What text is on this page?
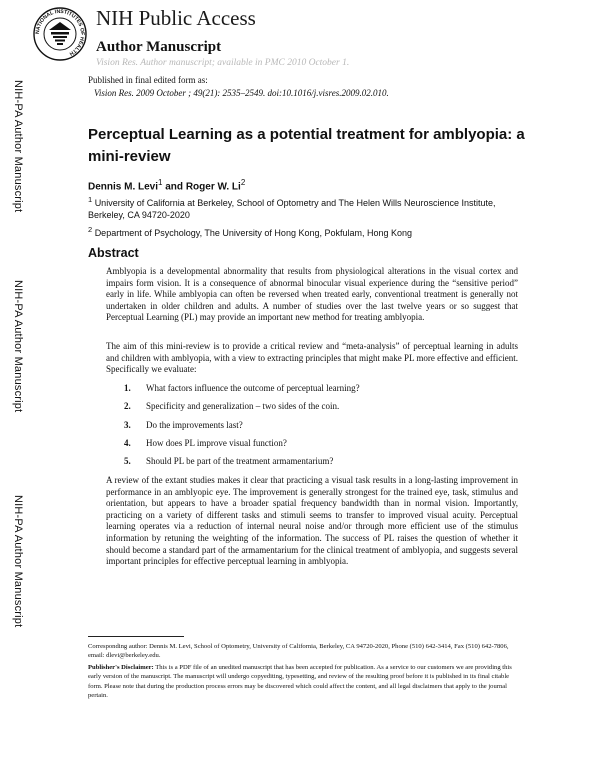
NATIONAL INSTITUTES OF HEALTH
NIH Public Access
Author Manuscript
Vision Res. Author manuscript; available in PMC 2010 October 1.
Published in final edited form as:
Vision Res. 2009 October ; 49(21): 2535–2549. doi:10.1016/j.visres.2009.02.010.
NIH-PA Author Manuscript
NIH-PA Author Manuscript
NIH-PA Author Manuscript
Perceptual Learning as a potential treatment for amblyopia: a mini-review
Dennis M. Levi$^1$ and Roger W. Li$^2$
$^1$ University of California at Berkeley, School of Optometry and The Helen Wills Neuroscience Institute, Berkeley, CA 94720-2020
$^2$ Department of Psychology, The University of Hong Kong, Pokfulam, Hong Kong
Abstract
Amblyopia is a developmental abnormality that results from physiological alterations in the visual cortex and impairs form vision. It is a consequence of abnormal binocular visual experience during the “sensitive period” early in life. While amblyopia can often be reversed when treated early, conventional treatment is generally not undertaken in older children and adults. A number of studies over the last twelve years or so suggest that Perceptual Learning (PL) may provide an important new method for treating amblyopia.
The aim of this mini-review is to provide a critical review and “meta-analysis” of perceptual learning in adults and children with amblyopia, with a view to extracting principles that might make PL more effective and efficient. Specifically we evaluate:
1. What factors influence the outcome of perceptual learning?
2. Specificity and generalization – two sides of the coin.
3. Do the improvements last?
4. How does PL improve visual function?
5. Should PL be part of the treatment armamentarium?
A review of the extant studies makes it clear that practicing a visual task results in a long-lasting improvement in performance in an amblyopic eye. The improvement is generally strongest for the trained eye, task, stimulus and orientation, but appears to have a broader spatial frequency bandwidth than in normal vision. Importantly, practicing on a variety of different tasks and stimuli seems to transfer to improved visual acuity. Perceptual learning operates via a reduction of internal neural noise and/or through more efficient use of the stimulus information by retuning the weighting of the information. The success of PL raises the question of whether it should become a standard part of the armamentarium for the clinical treatment of amblyopia, and suggests several important principles for effective perceptual learning in amblyopia.
Corresponding author: Dennis M. Levi, School of Optometry, University of California, Berkeley, CA 94720-2020, Phone (510) 642-3414, Fax (510) 642-7806, email: dlevi@berkeley.edu.
Publisher's Disclaimer: This is a PDF file of an unedited manuscript that has been accepted for publication. As a service to our customers we are providing this early version of the manuscript. The manuscript will undergo copyediting, typesetting, and review of the resulting proof before it is published in its final citable form. Please note that during the production process errors may be discovered which could affect the content, and all legal disclaimers that apply to the journal pertain.
